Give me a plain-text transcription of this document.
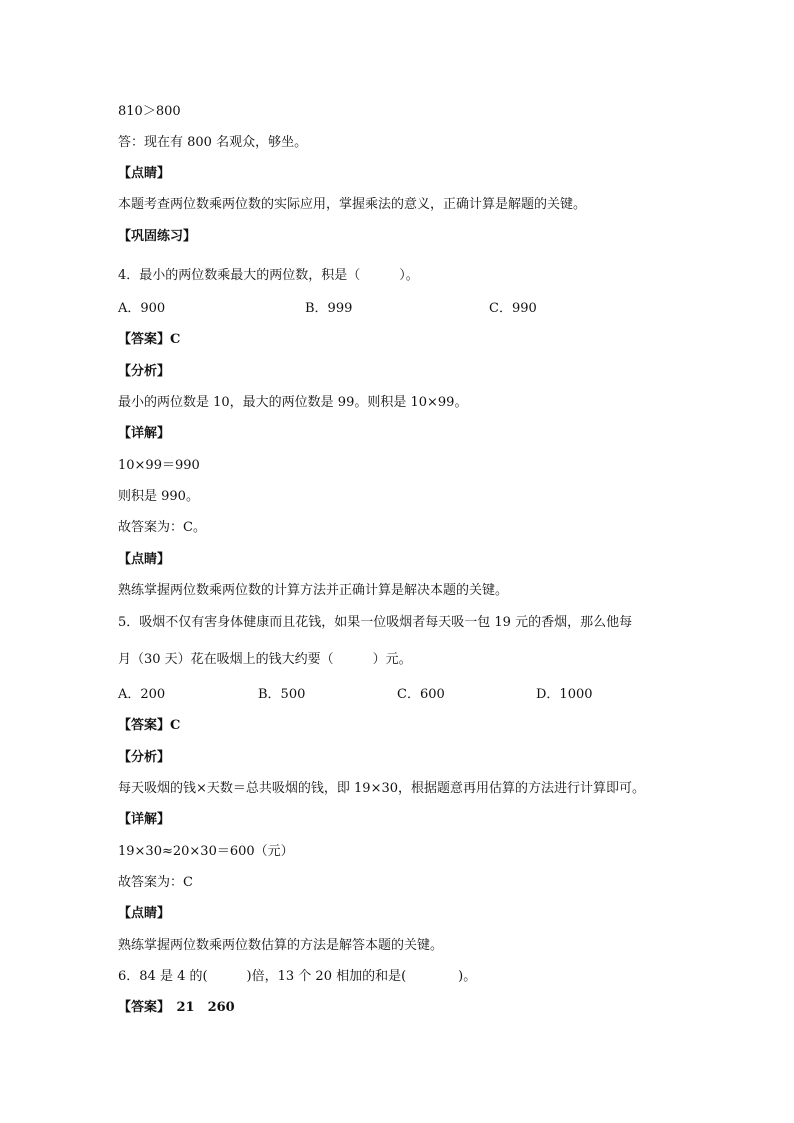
810＞800
答：现在有 800 名观众，够坐。
【点睛】
本题考查两位数乘两位数的实际应用，掌握乘法的意义，正确计算是解题的关键。
【巩固练习】
4．最小的两位数乘最大的两位数，积是（　　　）。
A．900	B．999	C．990
【答案】C
【分析】
最小的两位数是 10，最大的两位数是 99。则积是 10×99。
【详解】
10×99＝990
则积是 990。
故答案为：C。
【点睛】
熟练掌握两位数乘两位数的计算方法并正确计算是解决本题的关键。
5．吸烟不仅有害身体健康而且花钱，如果一位吸烟者每天吸一包 19 元的香烟，那么他每
月（30 天）花在吸烟上的钱大约要（　　　）元。
A．200	B．500	C．600	D．1000
【答案】C
【分析】
每天吸烟的钱×天数＝总共吸烟的钱，即 19×30，根据题意再用估算的方法进行计算即可。
【详解】
19×30≈20×30＝600（元）
故答案为：C
【点睛】
熟练掌握两位数乘两位数估算的方法是解答本题的关键。
6．84 是 4 的(　　　)倍，13 个 20 相加的和是(　　　　)。
【答案】　21　260
